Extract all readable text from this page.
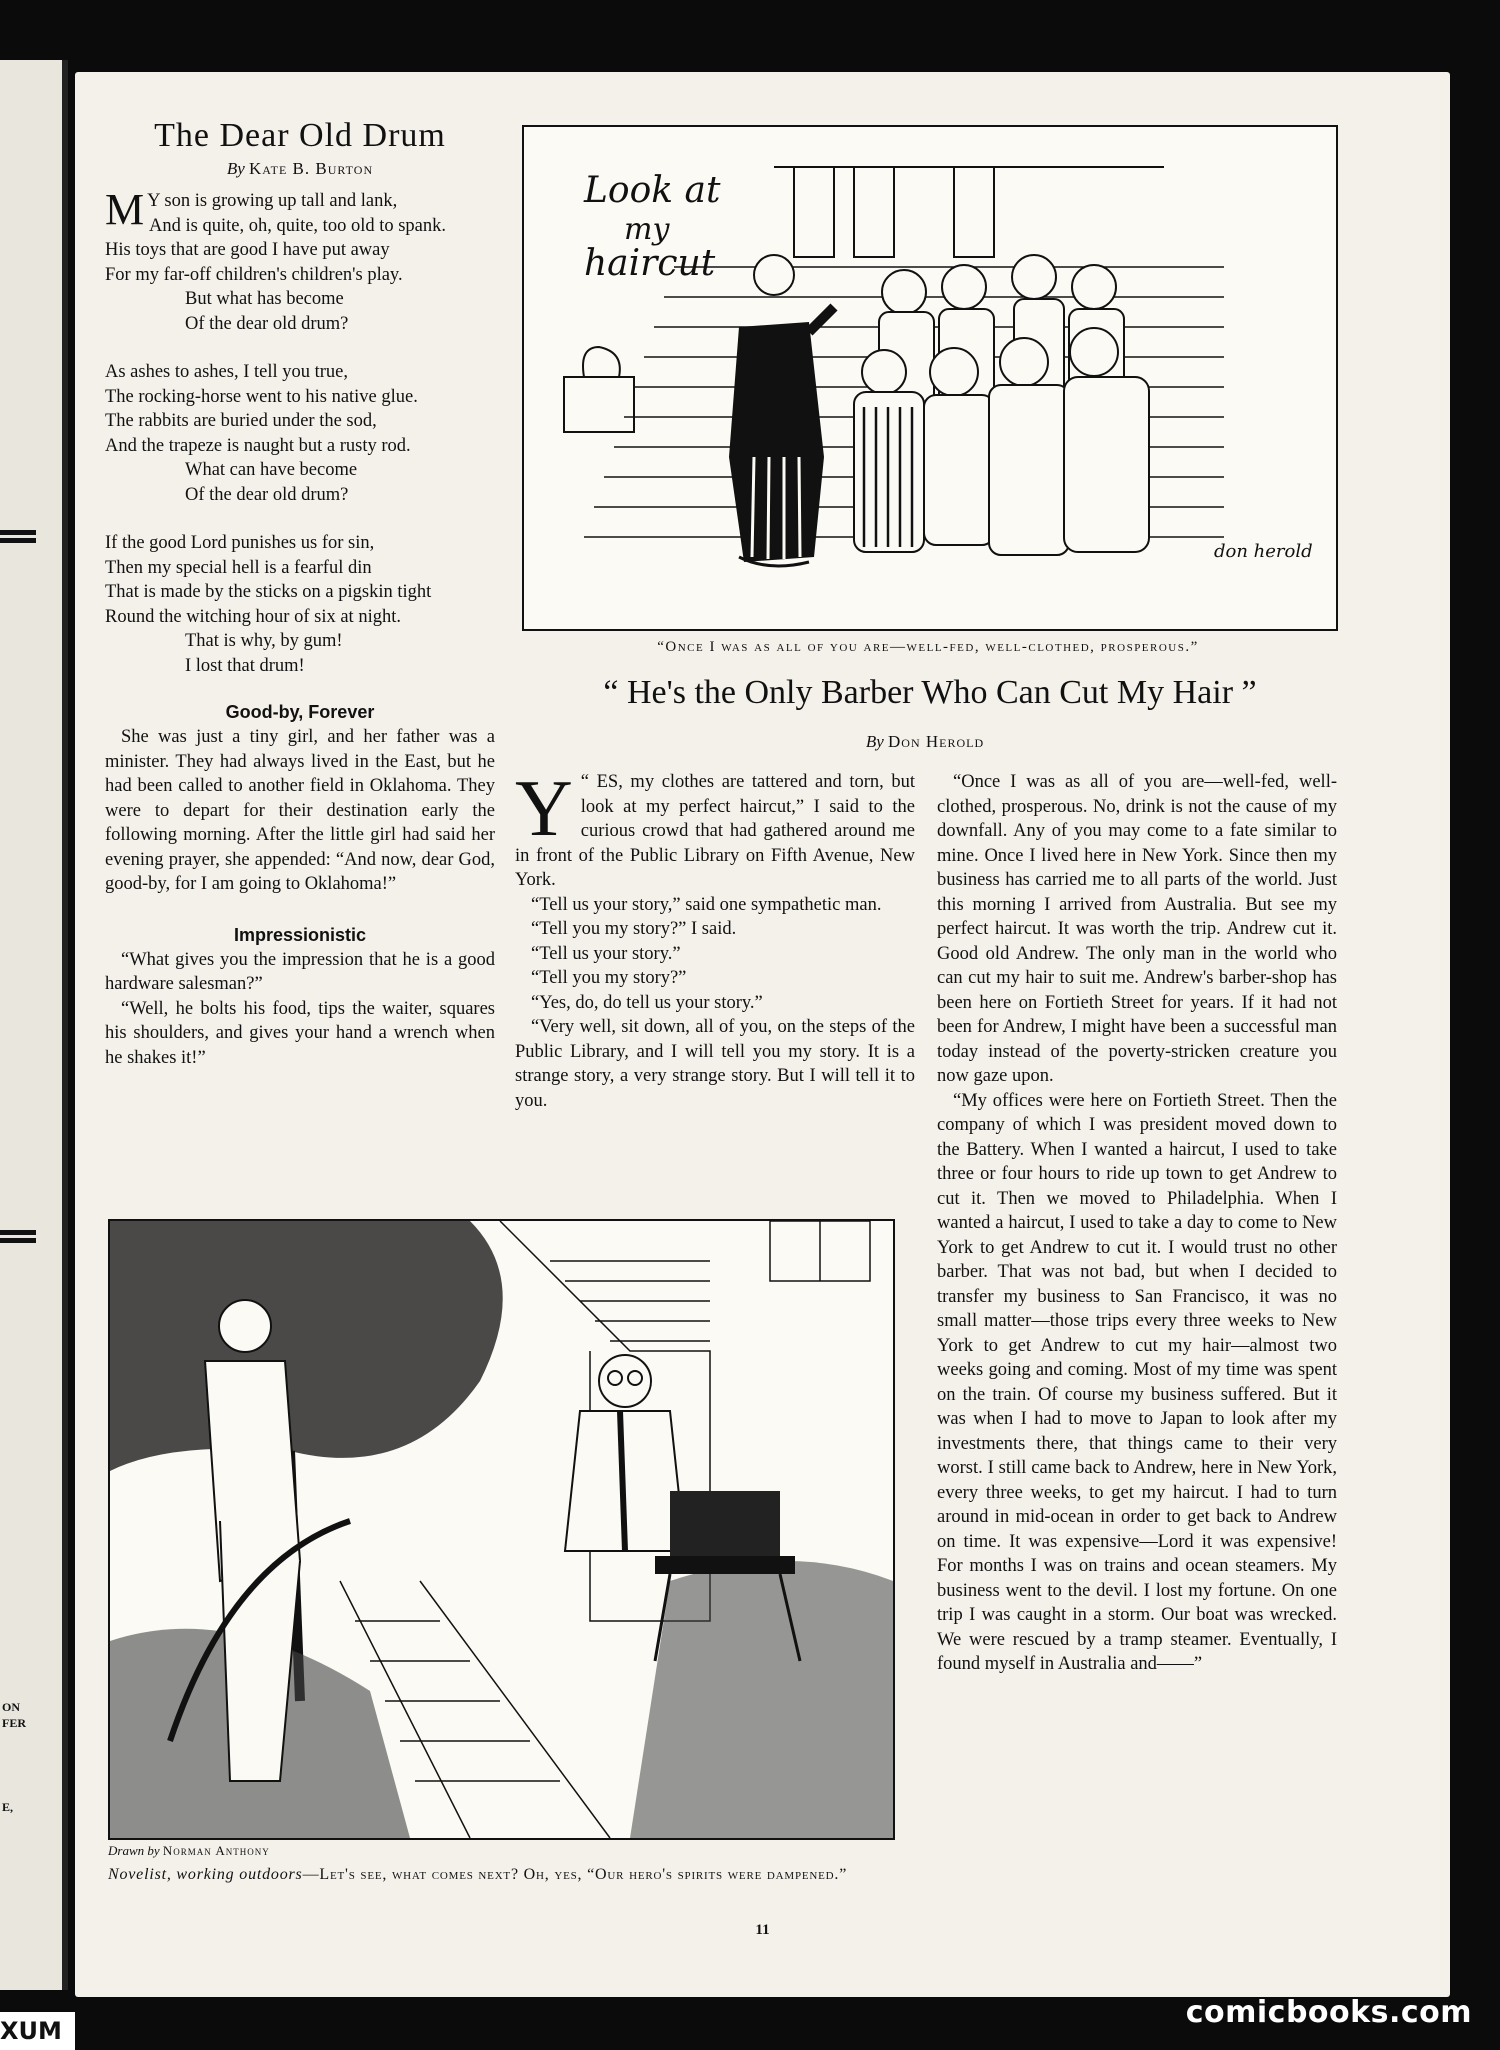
ON
FER
E,
The Dear Old Drum
By Kate B. Burton

M Y son is growing up tall and lank,
And is quite, oh, quite, too old to spank.
His toys that are good I have put away
For my far-off children's children's play.
But what has become
Of the dear old drum?

As ashes to ashes, I tell you true,
The rocking-horse went to his native glue.
The rabbits are buried under the sod,
And the trapeze is naught but a rusty rod.
What can have become
Of the dear old drum?

If the good Lord punishes us for sin,
Then my special hell is a fearful din
That is made by the sticks on a pigskin tight
Round the witching hour of six at night.
That is why, by gum!
I lost that drum!

Good-by, Forever

She was just a tiny girl, and her father was a minister. They had always lived in the East, but he had been called to another field in Oklahoma. They were to depart for their destination early the following morning. After the little girl had said her evening prayer, she appended: “And now, dear God, good-by, for I am going to Oklahoma!”

Impressionistic

“What gives you the impression that he is a good hardware salesman?”

“Well, he bolts his food, tips the waiter, squares his shoulders, and gives your hand a wrench when he shakes it!”

Look at
my
haircut
don herold
“Once I was as all of you are—well-fed, well-clothed, prosperous.”
“ He's the Only Barber Who Can Cut My Hair ”
By Don Herold

Y “ ES, my clothes are tattered and torn, but look at my perfect haircut,” I said to the curious crowd that had gathered around me in front of the Public Library on Fifth Avenue, New York.

“Tell us your story,” said one sympathetic man.

“Tell you my story?” I said.

“Tell us your story.”

“Tell you my story?”

“Yes, do, do tell us your story.”

“Very well, sit down, all of you, on the steps of the Public Library, and I will tell you my story. It is a strange story, a very strange story. But I will tell it to you.

“Once I was as all of you are—well-fed, well-clothed, prosperous. No, drink is not the cause of my downfall. Any of you may come to a fate similar to mine. Once I lived here in New York. Since then my business has carried me to all parts of the world. Just this morning I arrived from Australia. But see my perfect haircut. It was worth the trip. Andrew cut it. Good old Andrew. The only man in the world who can cut my hair to suit me. Andrew's barber-shop has been here on Fortieth Street for years. If it had not been for Andrew, I might have been a successful man today instead of the poverty-stricken creature you now gaze upon.

“My offices were here on Fortieth Street. Then the company of which I was president moved down to the Battery. When I wanted a haircut, I used to take three or four hours to ride up town to get Andrew to cut it. Then we moved to Philadelphia. When I wanted a haircut, I used to take a day to come to New York to get Andrew to cut it. I would trust no other barber. That was not bad, but when I decided to transfer my business to San Francisco, it was no small matter—those trips every three weeks to New York to get Andrew to cut my hair—almost two weeks going and coming. Most of my time was spent on the train. Of course my business suffered. But it was when I had to move to Japan to look after my investments there, that things came to their very worst. I still came back to Andrew, here in New York, every three weeks, to get my haircut. I had to turn around in mid-ocean in order to get back to Andrew on time. It was expensive—Lord it was expensive! For months I was on trains and ocean steamers. My business went to the devil. I lost my fortune. On one trip I was caught in a storm. Our boat was wrecked. We were rescued by a tramp steamer. Eventually, I found myself in Australia and——”

Drawn by Norman Anthony
Novelist, working outdoors—Let's see, what comes next? Oh, yes, “Our hero's spirits were dampened.”
11
comicbooks.com
XUM
